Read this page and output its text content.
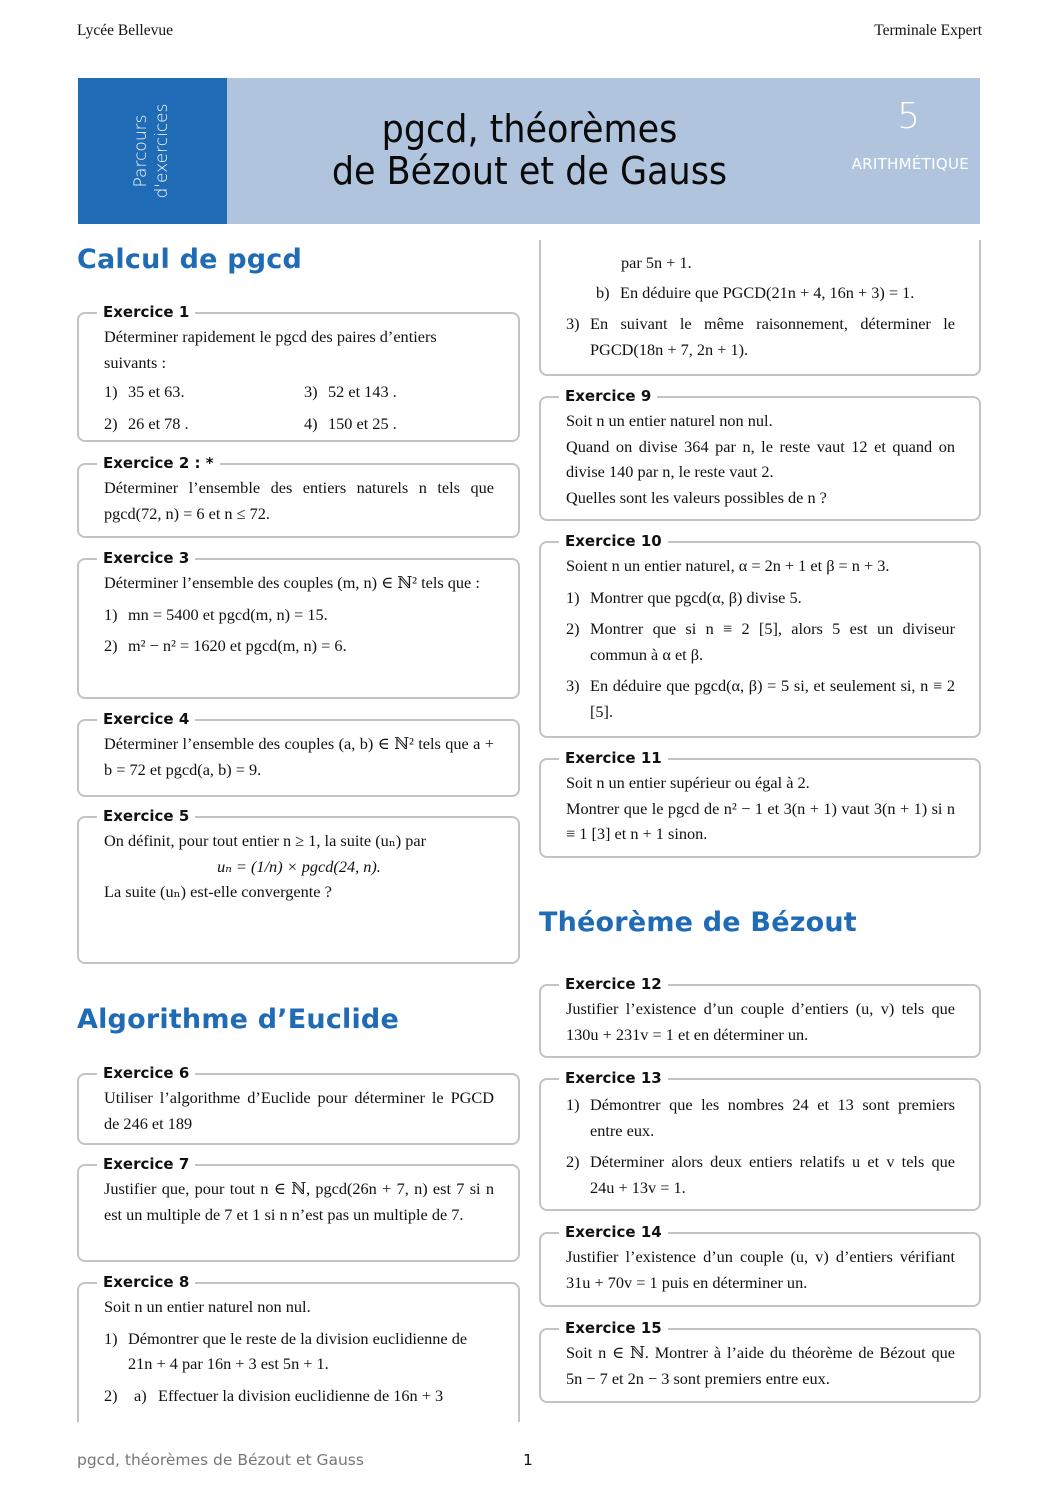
Lycée Bellevue	Terminale Expert
Parcours d'exercices	pgcd, théorèmes
de Bézout et de Gauss
5
ARITHMÉTIQUE
Calcul de pgcd
Exercice 1

Déterminer rapidement le pgcd des paires d’entiers suivants :

1) 35 et 63.	3) 52 et 143 .
2) 26 et 78 .	4) 150 et 25 .
Exercice 2 : *

Déterminer l’ensemble des entiers naturels n tels que pgcd(72, n) = 6 et n ≤ 72.

Exercice 3

Déterminer l’ensemble des couples (m, n) ∈ ℕ² tels que :

1) mn = 5400 et pgcd(m, n) = 15.
2) m² − n² = 1620 et pgcd(m, n) = 6.
Exercice 4

Déterminer l’ensemble des couples (a, b) ∈ ℕ² tels que a + b = 72 et pgcd(a, b) = 9.

Exercice 5

On définit, pour tout entier n ≥ 1, la suite (uₙ) par

uₙ = (1/n) × pgcd(24, n).

La suite (uₙ) est-elle convergente ?

Algorithme d’Euclide
Exercice 6

Utiliser l’algorithme d’Euclide pour déterminer le PGCD de 246 et 189

Exercice 7

Justifier que, pour tout n ∈ ℕ, pgcd(26n + 7, n) est 7 si n est un multiple de 7 et 1 si n n’est pas un multiple de 7.

Exercice 8

Soit n un entier naturel non nul.

1) Démontrer que le reste de la division euclidienne de 21n + 4 par 16n + 3 est 5n + 1.
2)	a) Effectuer la division euclidienne de 16n + 3

par 5n + 1.

b) En déduire que PGCD(21n + 4, 16n + 3) = 1.
3) En suivant le même raisonnement, déterminer le PGCD(18n + 7, 2n + 1).
Exercice 9

Soit n un entier naturel non nul.

Quand on divise 364 par n, le reste vaut 12 et quand on divise 140 par n, le reste vaut 2.

Quelles sont les valeurs possibles de n ?

Exercice 10

Soient n un entier naturel, α = 2n + 1 et β = n + 3.

1) Montrer que pgcd(α, β) divise 5.
2) Montrer que si n ≡ 2 [5], alors 5 est un diviseur commun à α et β.
3) En déduire que pgcd(α, β) = 5 si, et seulement si, n ≡ 2 [5].
Exercice 11

Soit n un entier supérieur ou égal à 2.

Montrer que le pgcd de n² − 1 et 3(n + 1) vaut 3(n + 1) si n ≡ 1 [3] et n + 1 sinon.

Théorème de Bézout
Exercice 12

Justifier l’existence d’un couple d’entiers (u, v) tels que 130u + 231v = 1 et en déterminer un.

Exercice 13
1) Démontrer que les nombres 24 et 13 sont premiers entre eux.
2) Déterminer alors deux entiers relatifs u et v tels que 24u + 13v = 1.
Exercice 14

Justifier l’existence d’un couple (u, v) d’entiers vérifiant 31u + 70v = 1 puis en déterminer un.

Exercice 15

Soit n ∈ ℕ. Montrer à l’aide du théorème de Bézout que 5n − 7 et 2n − 3 sont premiers entre eux.

pgcd, théorèmes de Bézout et Gauss	1
